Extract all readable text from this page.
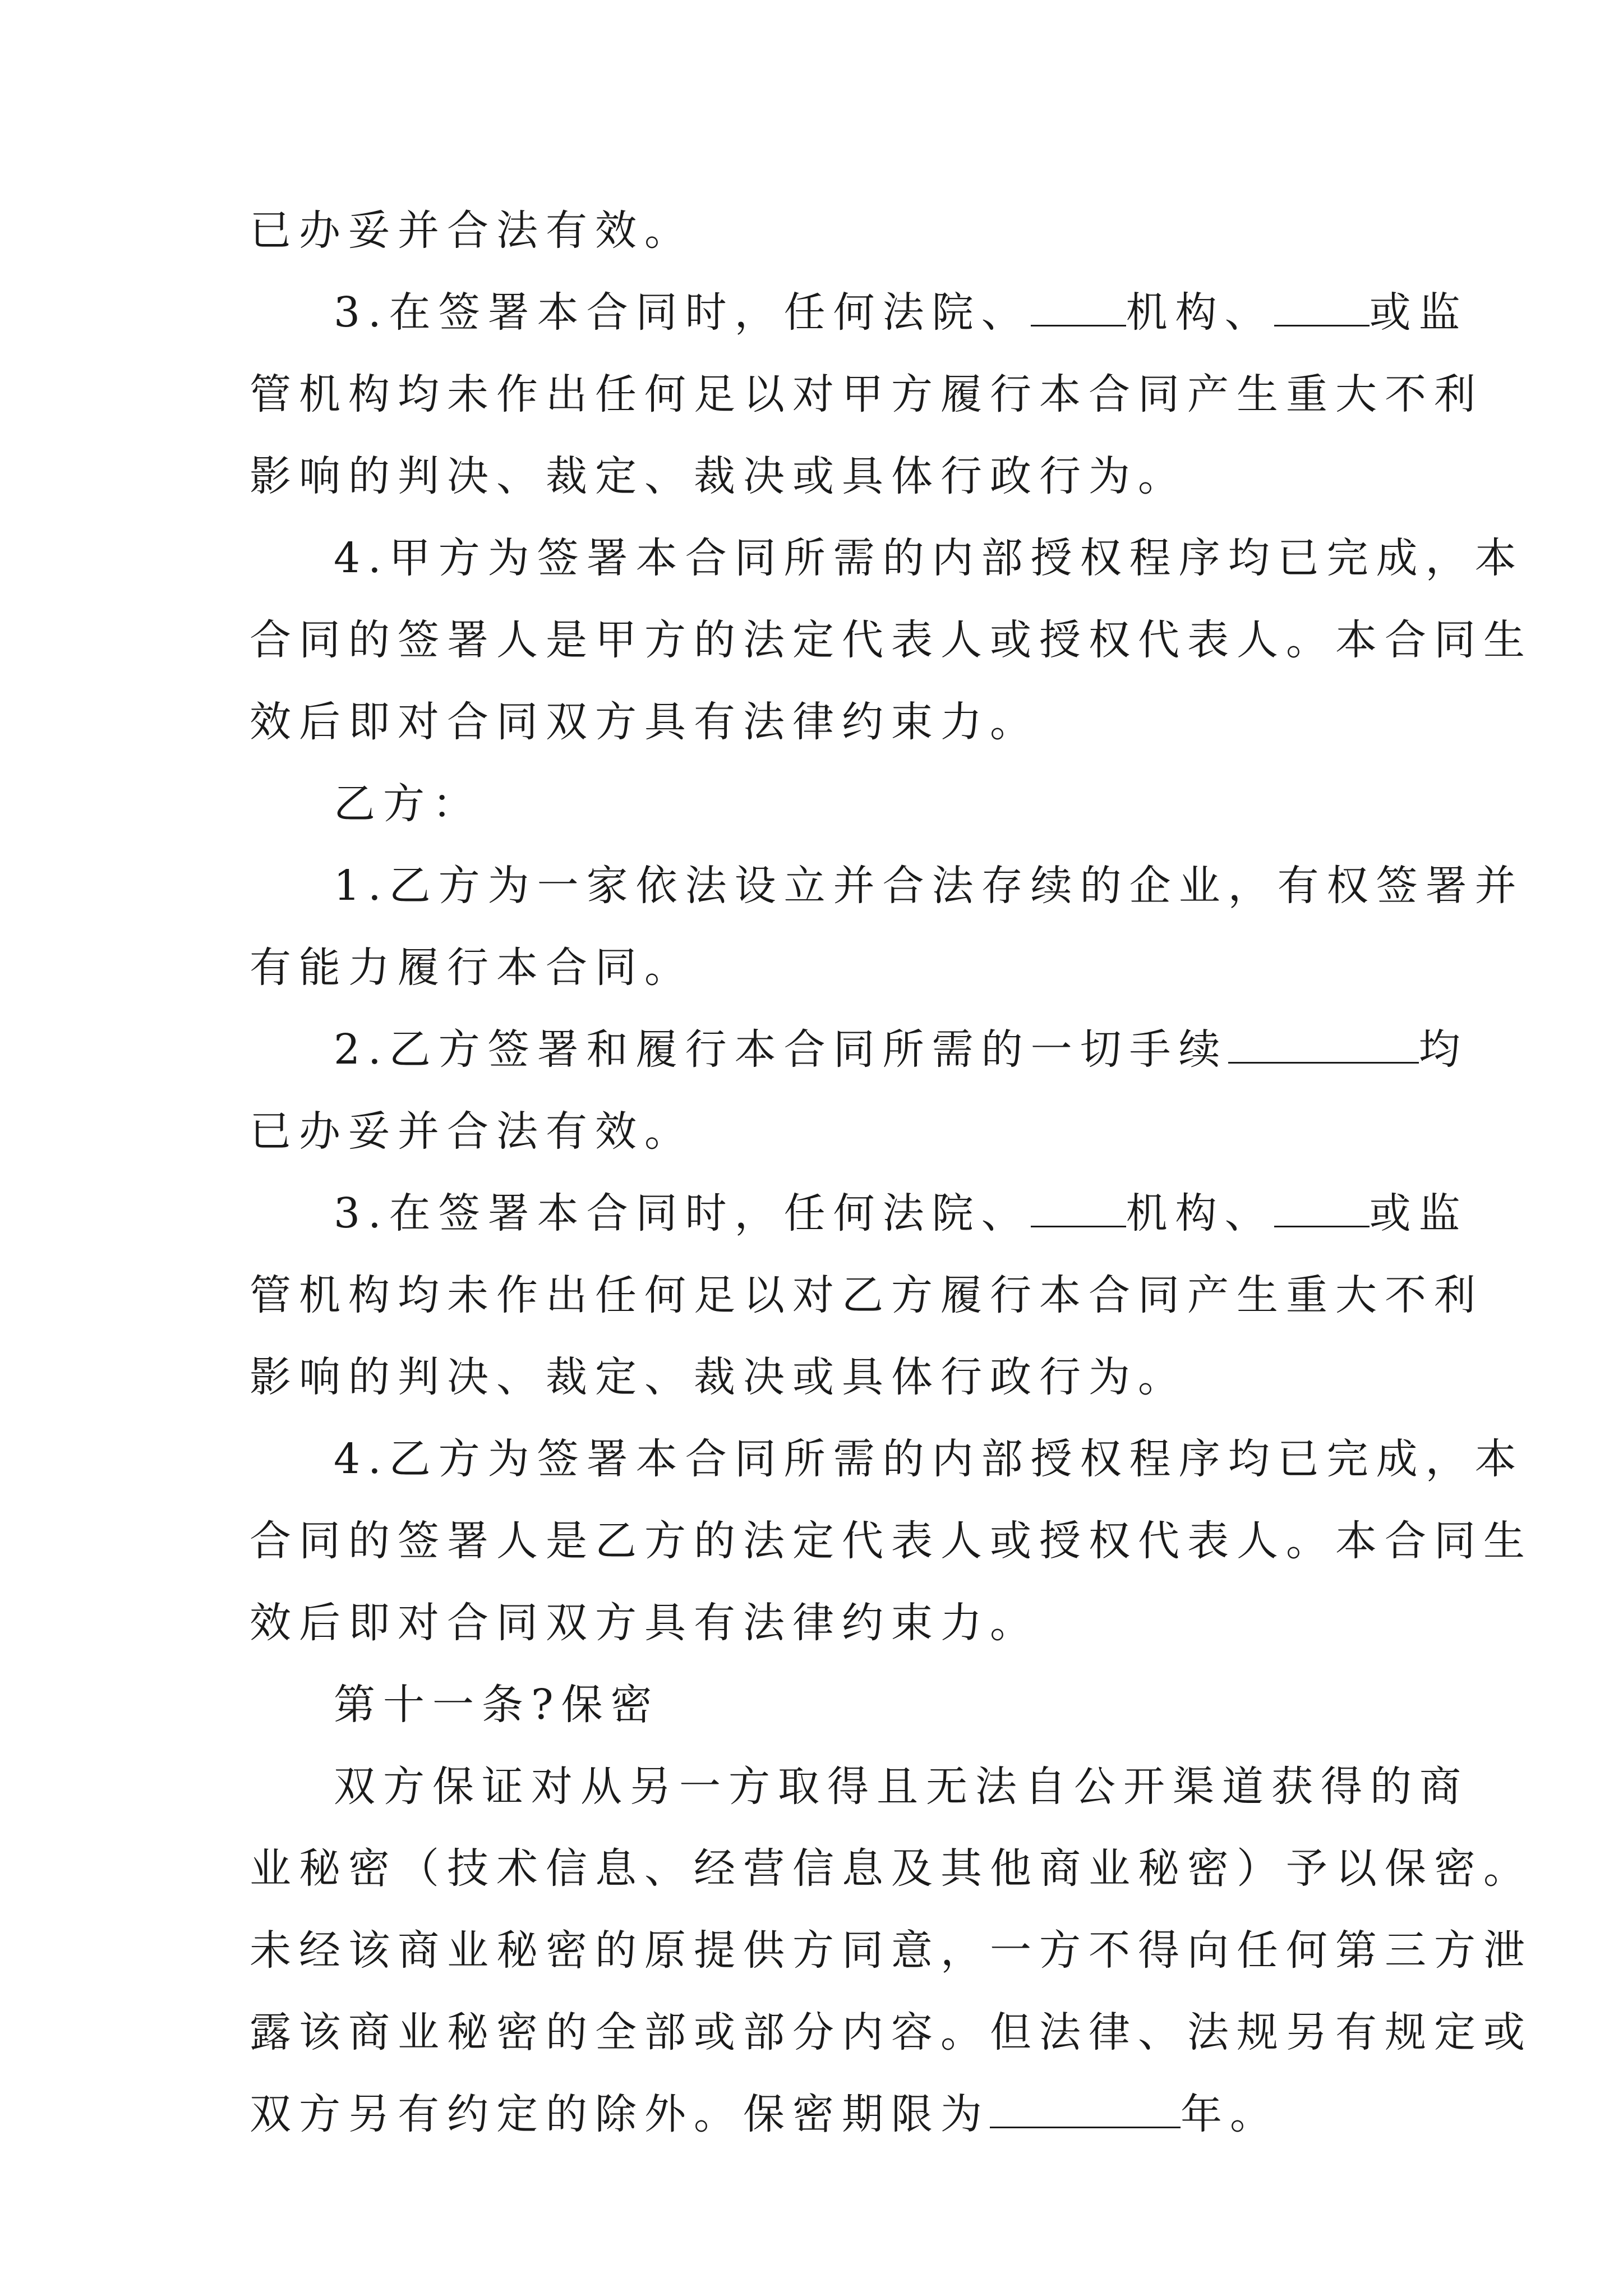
已办妥并合法有效。
3.在签署本合同时，任何法院、 机构、 或监
管机构均未作出任何足以对甲方履行本合同产生重大不利
影响的判决、裁定、裁决或具体行政行为。
4.甲方为签署本合同所需的内部授权程序均已完成，本
合同的签署人是甲方的法定代表人或授权代表人。本合同生
效后即对合同双方具有法律约束力。
乙方：
1.乙方为一家依法设立并合法存续的企业，有权签署并
有能力履行本合同。
2.乙方签署和履行本合同所需的一切手续	均
已办妥并合法有效。
3.在签署本合同时，任何法院、 机构、 或监
管机构均未作出任何足以对乙方履行本合同产生重大不利
影响的判决、裁定、裁决或具体行政行为。
4.乙方为签署本合同所需的内部授权程序均已完成，本
合同的签署人是乙方的法定代表人或授权代表人。本合同生
效后即对合同双方具有法律约束力。
第十一条?保密
双方保证对从另一方取得且无法自公开渠道获得的商
业秘密（技术信息、经营信息及其他商业秘密）予以保密。
未经该商业秘密的原提供方同意，一方不得向任何第三方泄
露该商业秘密的全部或部分内容。但法律、法规另有规定或
双方另有约定的除外。保密期限为	年。
